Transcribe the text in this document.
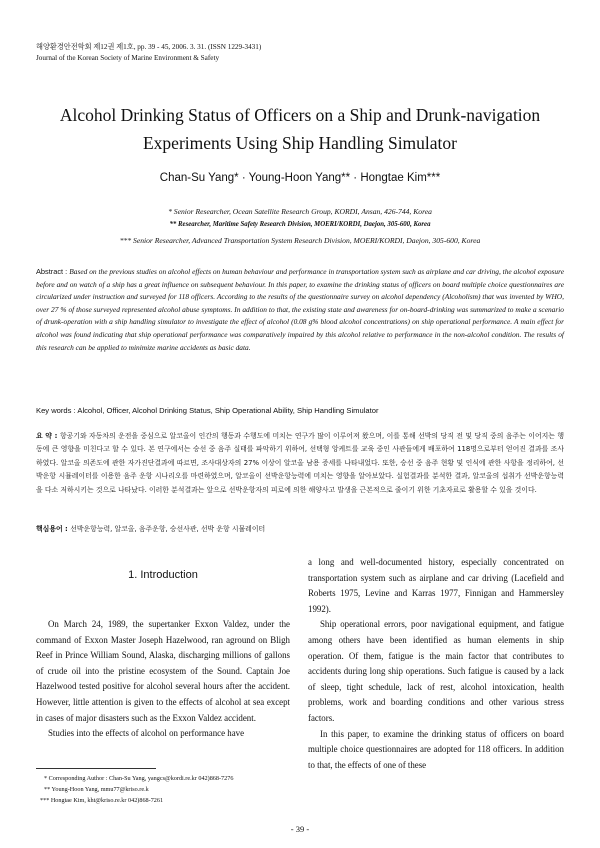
해양환경안전학회 제12권 제1호, pp. 39 - 45, 2006. 3. 31. (ISSN 1229-3431)
Journal of the Korean Society of Marine Environment & Safety
Alcohol Drinking Status of Officers on a Ship and Drunk-navigation
Experiments Using Ship Handling Simulator
Chan-Su Yang* · Young-Hoon Yang** · Hongtae Kim***
* Senior Researcher, Ocean Satellite Research Group, KORDI, Ansan, 426-744, Korea
** Researcher, Maritime Safety Research Division, MOERI/KORDI, Daejon, 305-600, Korea
*** Senior Researcher, Advanced Transportation System Research Division, MOERI/KORDI, Daejon, 305-600, Korea
Abstract : Based on the previous studies on alcohol effects on human behaviour and performance in transportation system such as airplane and car driving, the alcohol exposure before and on watch of a ship has a great influence on subsequent behaviour. In this paper, to examine the drinking status of officers on board multiple choice questionnaires are circularized under instruction and surveyed for 118 officers. According to the results of the questionnaire survey on alcohol dependency (Alcoholism) that was invented by WHO, over 27 % of those surveyed represented alcohol abuse symptoms. In addition to that, the existing state and awareness for on-board-drinking was summarized to make a scenario of drunk-operation with a ship handling simulator to investigate the effect of alcohol (0.08 g% blood alcohol concentrations) on ship operational performance. A main effect for alcohol was found indicating that ship operational performance was comparatively impaired by this alcohol relative to performance in the non-alcohol condition. The results of this research can be applied to minimize marine accidents as basic data.
Key words : Alcohol, Officer, Alcohol Drinking Status, Ship Operational Ability, Ship Handling Simulator
요 약 : 항공기와 자동차의 운전을 중심으로 알코올이 인간의 행동과 수행도에 미치는 연구가 많이 이루어져 왔으며, 이를 통해 선박의 당직 전 및 당직 중의 음주는 이어지는 행동에 큰 영향을 미친다고 할 수 있다. 본 연구에서는 승선 중 음주 실태를 파악하기 위하여, 선택형 앙케트를 교육 중인 사관들에게 배포하여 118명으로부터 얻어진 결과를 조사하였다. 알코올 의존도에 관한 자가진단결과에 따르면, 조사대상자의 27% 이상이 알코올 남용 증세를 나타내었다. 또한, 승선 중 음주 현황 및 인식에 관한 사항을 정리하여, 선박운항 시뮬레이터를 이용한 음주 운항 시나리오를 마련하였으며, 알코올이 선박운항능력에 미치는 영향을 알아보았다. 실험결과를 분석한 결과, 알코올의 섭취가 선박운항능력을 다소 저하시키는 것으로 나타났다. 이러한 분석결과는 앞으로 선박운항자의 피로에 의한 해양사고 발생을 근본적으로 줄이기 위한 기초자료로 활용할 수 있을 것이다.
핵심용어 : 선박운항능력, 알코올, 음주운항, 승선사관, 선박 운항 시뮬레이터
1. Introduction

On March 24, 1989, the supertanker Exxon Valdez, under the command of Exxon Master Joseph Hazelwood, ran aground on Bligh Reef in Prince William Sound, Alaska, discharging millions of gallons of crude oil into the pristine ecosystem of the Sound. Captain Joe Hazelwood tested positive for alcohol several hours after the accident. However, little attention is given to the effects of alcohol at sea except in cases of major disasters such as the Exxon Valdez accident.

Studies into the effects of alcohol on performance have

a long and well-documented history, especially concentrated on transportation system such as airplane and car driving (Lacefield and Roberts 1975, Levine and Karras 1977, Finnigan and Hammersley 1992).

Ship operational errors, poor navigational equipment, and fatigue among others have been identified as human elements in ship operation. Of them, fatigue is the main factor that contributes to accidents during long ship operations. Such fatigue is caused by a lack of sleep, tight schedule, lack of rest, alcohol intoxication, health problems, work and boarding conditions and other various stress factors.

In this paper, to examine the drinking status of officers on board multiple choice questionnaires are adopted for 118 officers. In addition to that, the effects of one of these

* Corresponding Author : Chan-Su Yang, yangcs@kordi.re.kr 042)868-7276
** Young-Hoon Yang, mmu77@kriso.re.k
*** Hongtae Kim, kht@kriso.re.kr 042)868-7261
- 39 -
